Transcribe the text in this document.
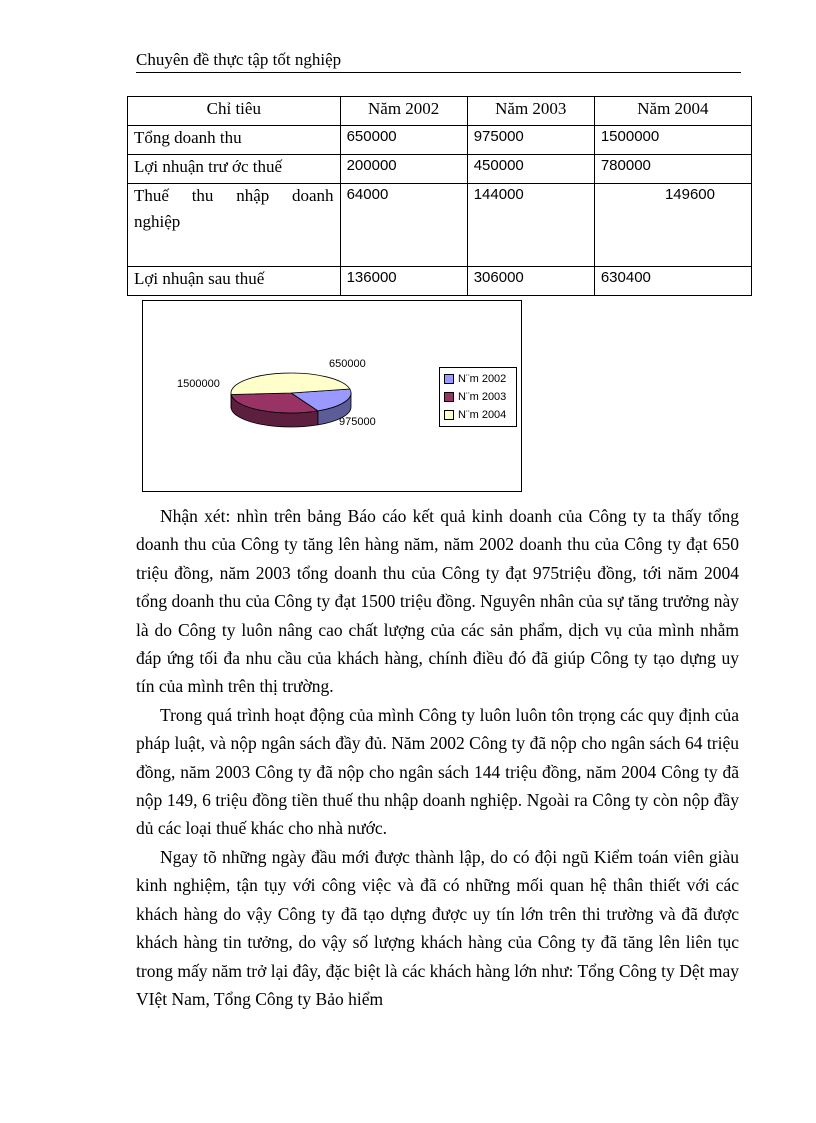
Chuyên đề thực tập tốt nghiệp
Chỉ tiêu	Năm 2002	Năm 2003	Năm 2004
Tổng doanh thu	650000	975000	1500000
Lợi nhuận trư ớc thuế	200000	450000	780000

Thuế thu nhập doanh
nghiệp	64000	144000	149600
Lợi nhuận sau thuế	136000	306000	630400
650000
975000
1500000	N¨m 2002
N¨m 2003
N¨m 2004

Nhận xét: nhìn trên bảng Báo cáo kết quả kinh doanh của Công ty ta thấy tổng doanh thu của Công ty tăng lên hàng năm, năm 2002 doanh thu của Công ty đạt 650 triệu đồng, năm 2003 tổng doanh thu của Công ty đạt 975triệu đồng, tới năm 2004 tổng doanh thu của Công ty đạt 1500 triệu đồng. Nguyên nhân của sự tăng trưởng này là do Công ty luôn nâng cao chất lượng của các sản phẩm, dịch vụ của mình nhằm đáp ứng tối đa nhu cầu của khách hàng, chính điều đó đã giúp Công ty tạo dựng uy tín của mình trên thị trường.

Trong quá trình hoạt động của mình Công ty luôn luôn tôn trọng các quy định của pháp luật, và nộp ngân sách đầy đủ. Năm 2002 Công ty đã nộp cho ngân sách 64 triệu đồng, năm 2003 Công ty đã nộp cho ngân sách 144 triệu đồng, năm 2004 Công ty đã nộp 149, 6 triệu đồng tiền thuế thu nhập doanh nghiệp. Ngoài ra Công ty còn nộp đầy dủ các loại thuế khác cho nhà nước.

Ngay tõ những ngày đầu mới được thành lập, do có đội ngũ Kiểm toán viên giàu kinh nghiệm, tận tụy với công việc và đã có những mối quan hệ thân thiết với các khách hàng do vậy Công ty đã tạo dựng được uy tín lớn trên thi trường và đã được khách hàng tin tưởng, do vậy số lượng khách hàng của Công ty đã tăng lên liên tục trong mấy năm trở lại đây, đặc biệt là các khách hàng lớn như: Tổng Công ty Dệt may VIệt Nam, Tổng Công ty Bảo hiểm
